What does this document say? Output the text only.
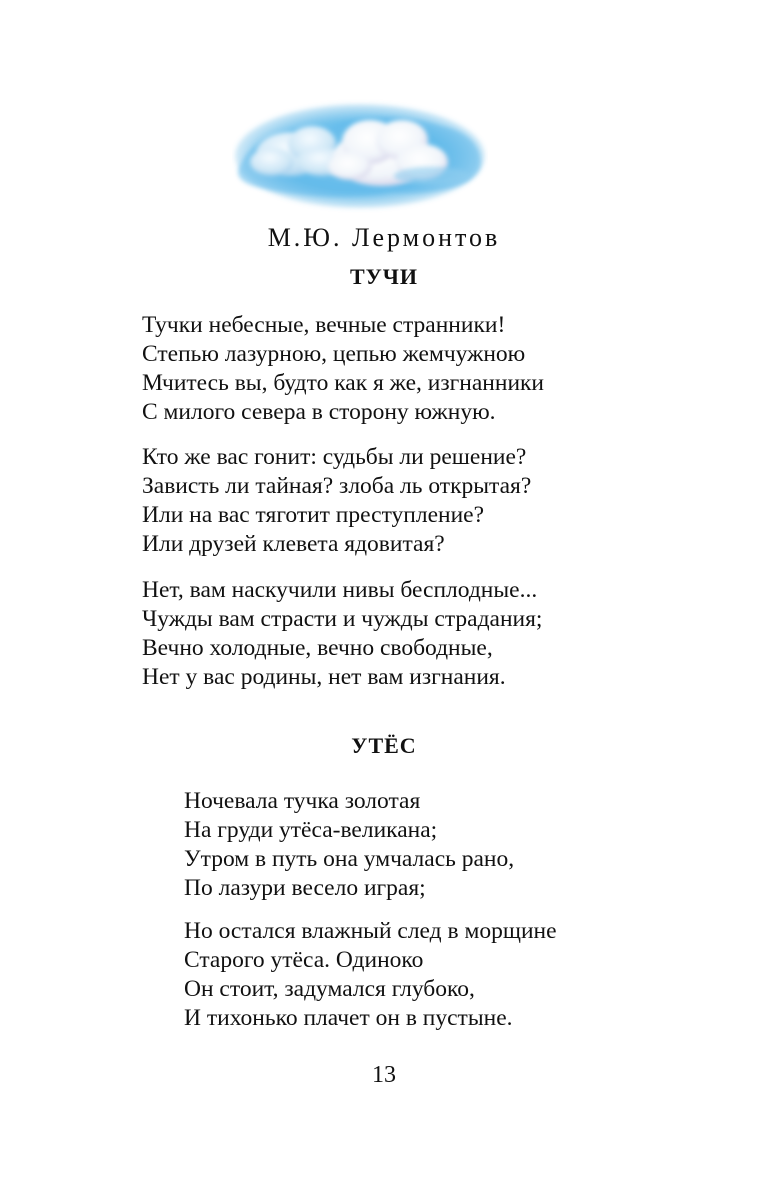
М.Ю. Лермонтов
ТУЧИ
Тучки небесные, вечные странники!
Степью лазурною, цепью жемчужною
Мчитесь вы, будто как я же, изгнанники
С милого севера в сторону южную.
Кто же вас гонит: судьбы ли решение?
Зависть ли тайная? злоба ль открытая?
Или на вас тяготит преступление?
Или друзей клевета ядовитая?
Нет, вам наскучили нивы бесплодные...
Чужды вам страсти и чужды страдания;
Вечно холодные, вечно свободные,
Нет у вас родины, нет вам изгнания.
УТЁС
Ночевала тучка золотая
На груди утёса-великана;
Утром в путь она умчалась рано,
По лазури весело играя;
Но остался влажный след в морщине
Старого утёса. Одиноко
Он стоит, задумался глубоко,
И тихонько плачет он в пустыне.
13
